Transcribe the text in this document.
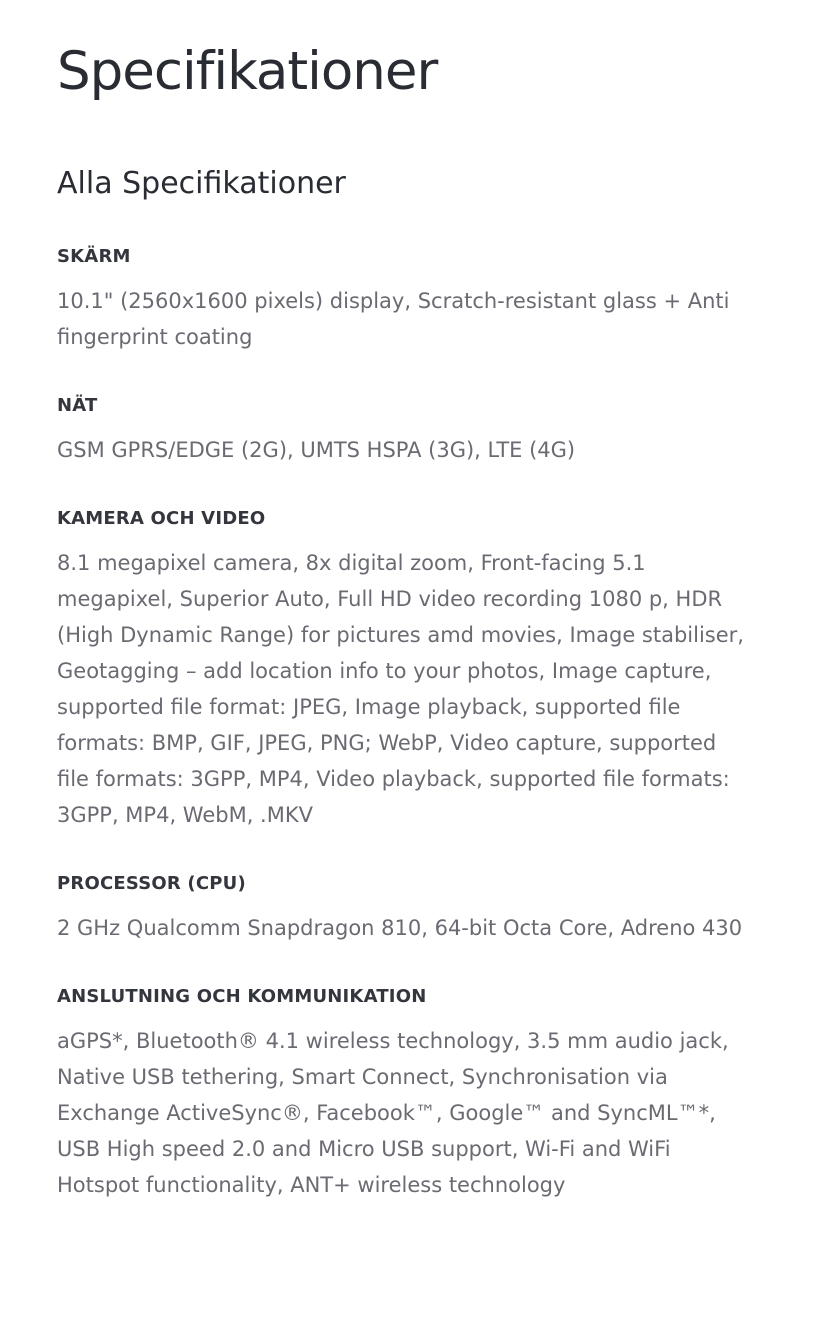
Specifikationer
Alla Specifikationer

SKÄRM

10.1" (2560x1600 pixels) display, Scratch-resistant glass + Anti fingerprint coating

NÄT

GSM GPRS/EDGE (2G), UMTS HSPA (3G), LTE (4G)

KAMERA OCH VIDEO

8.1 megapixel camera, 8x digital zoom, Front-facing 5.1 megapixel, Superior Auto, Full HD video recording 1080 p, HDR (High Dynamic Range) for pictures amd movies, Image stabiliser, Geotagging – add location info to your photos, Image capture, supported file format: JPEG, Image playback, supported file formats: BMP, GIF, JPEG, PNG; WebP, Video capture, supported file formats: 3GPP, MP4, Video playback, supported file formats: 3GPP, MP4, WebM, .MKV

PROCESSOR (CPU)

2 GHz Qualcomm Snapdragon 810, 64-bit Octa Core, Adreno 430

ANSLUTNING OCH KOMMUNIKATION

aGPS*, Bluetooth® 4.1 wireless technology, 3.5 mm audio jack, Native USB tethering, Smart Connect, Synchronisation via Exchange ActiveSync®, Facebook™, Google™ and SyncML™*, USB High speed 2.0 and Micro USB support, Wi-Fi and WiFi Hotspot functionality, ANT+ wireless technology
